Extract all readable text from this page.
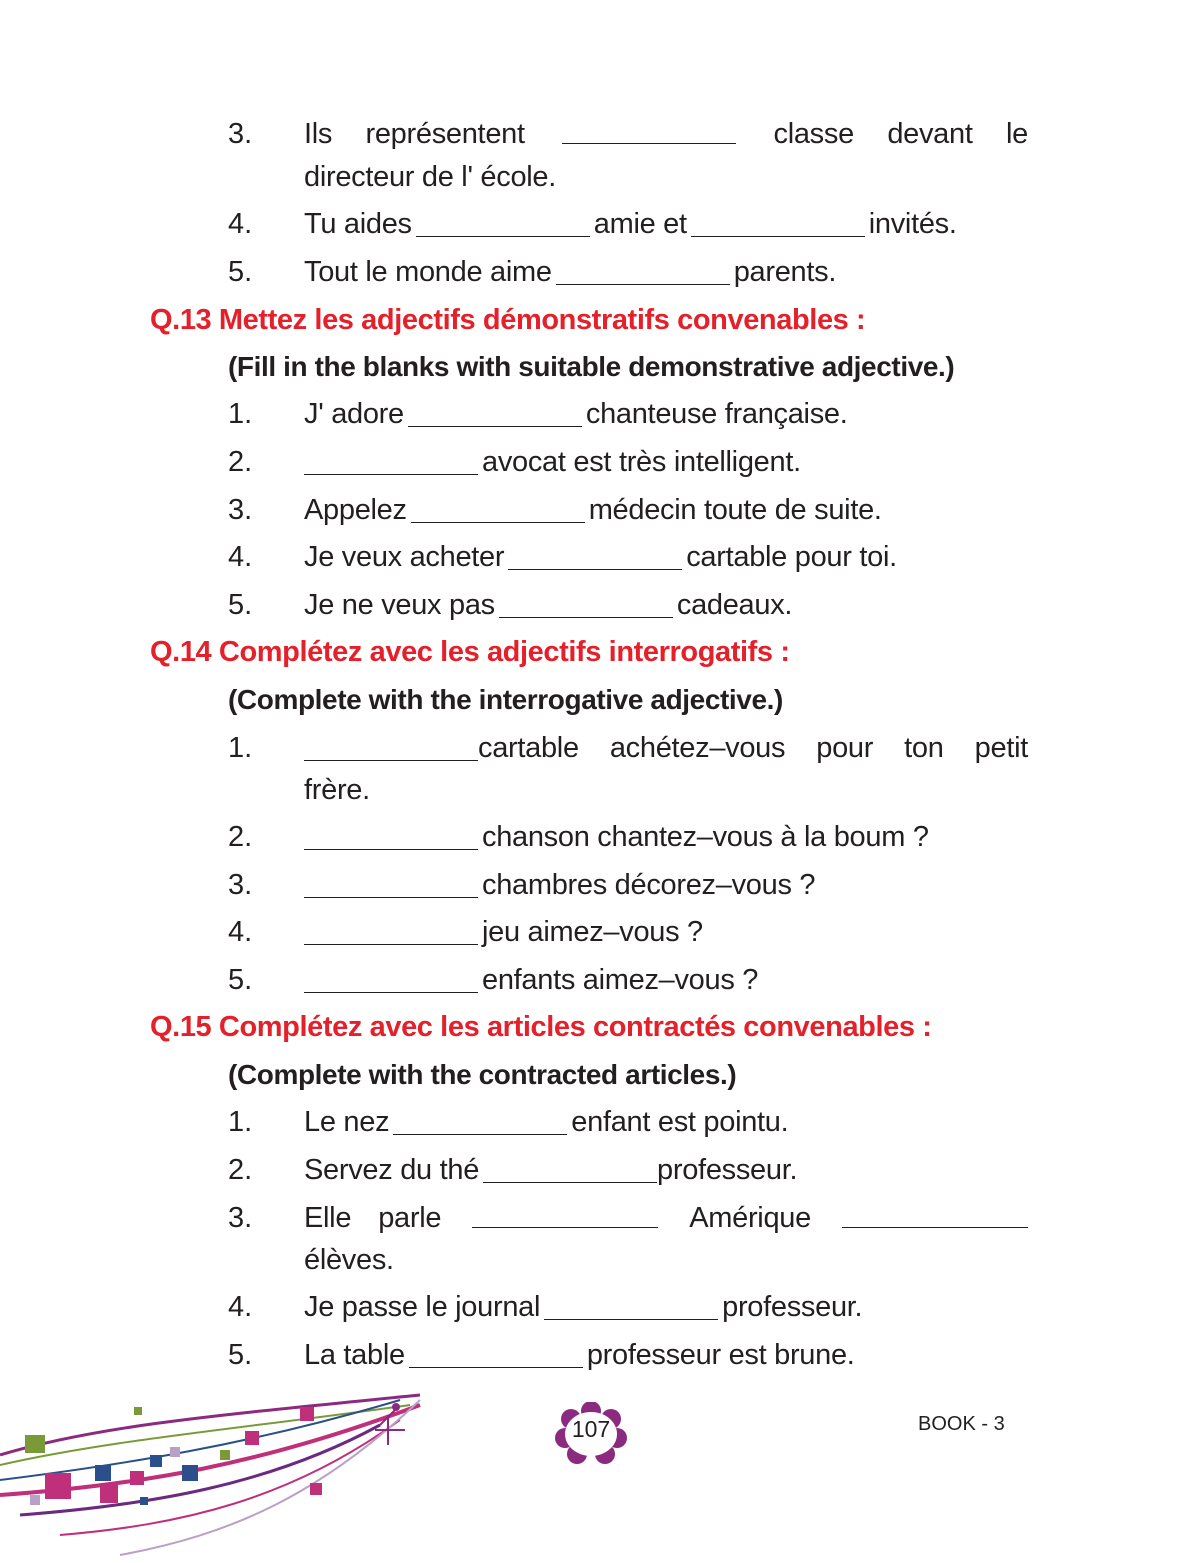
3. Ils représentent	classe devant le
directeur de l' école.
4. Tu aides	amie et	invités.
5. Tout le monde aime	parents.
Q.13 Mettez les adjectifs démonstratifs convenables :
(Fill in the blanks with suitable demonstrative adjective.)
1. J' adore	chanteuse française.
2.	avocat est très intelligent.
3. Appelez	médecin toute de suite.
4. Je veux acheter	cartable pour toi.
5. Je ne veux pas	cadeaux.
Q.14 Complétez avec les adjectifs interrogatifs :
(Complete with the interrogative adjective.)
1.	cartable achétez–vous pour ton petit
frère.
2.	chanson chantez–vous à la boum ?
3.	chambres décorez–vous ?
4.	jeu aimez–vous ?
5.	enfants aimez–vous ?
Q.15 Complétez avec les articles contractés convenables :
(Complete with the contracted articles.)
1. Le nez	enfant est pointu.
2. Servez du thé	professeur.
3. Elle parle	Amérique
élèves.
4. Je passe le journal	professeur.
5. La table	professeur est brune.
107	BOOK - 3
